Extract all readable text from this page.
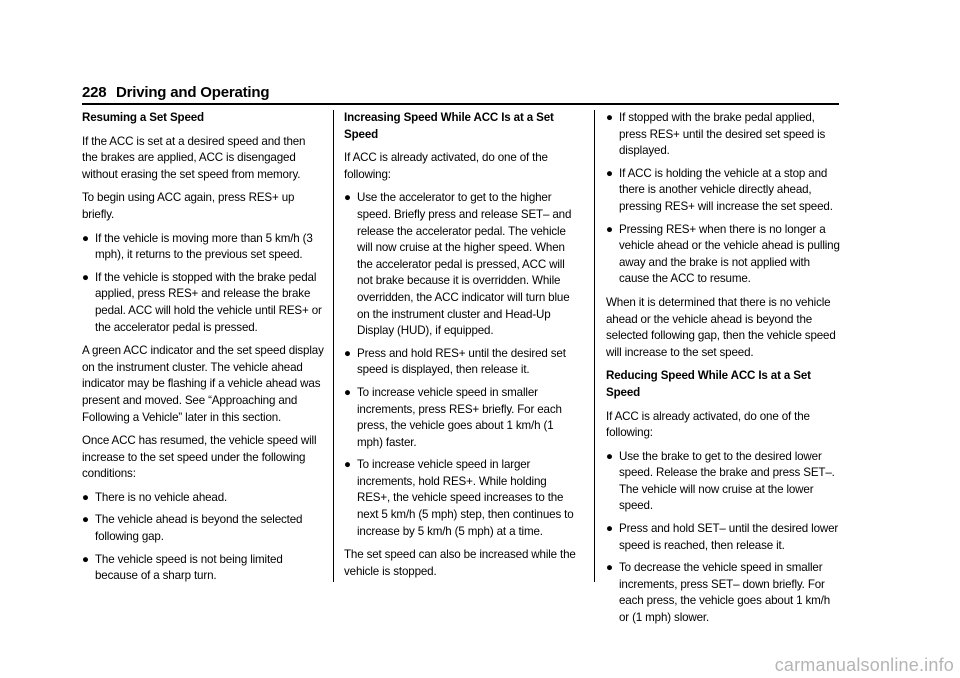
228 Driving and Operating
Resuming a Set Speed

If the ACC is set at a desired speed and then the brakes are applied, ACC is disengaged without erasing the set speed from memory.

To begin using ACC again, press RES+ up briefly.

● If the vehicle is moving more than 5 km/h (3 mph), it returns to the previous set speed.
● If the vehicle is stopped with the brake pedal applied, press RES+ and release the brake pedal. ACC will hold the vehicle until RES+ or the accelerator pedal is pressed.

A green ACC indicator and the set speed display on the instrument cluster. The vehicle ahead indicator may be flashing if a vehicle ahead was present and moved. See “Approaching and Following a Vehicle” later in this section.

Once ACC has resumed, the vehicle speed will increase to the set speed under the following conditions:

● There is no vehicle ahead.
● The vehicle ahead is beyond the selected following gap.
● The vehicle speed is not being limited because of a sharp turn.
Increasing Speed While ACC Is at a Set Speed

If ACC is already activated, do one of the following:

● Use the accelerator to get to the higher speed. Briefly press and release SET– and release the accelerator pedal. The vehicle will now cruise at the higher speed. When the accelerator pedal is pressed, ACC will not brake because it is overridden. While overridden, the ACC indicator will turn blue on the instrument cluster and Head-Up Display (HUD), if equipped.
● Press and hold RES+ until the desired set speed is displayed, then release it.
● To increase vehicle speed in smaller increments, press RES+ briefly. For each press, the vehicle goes about 1 km/h (1 mph) faster.
● To increase vehicle speed in larger increments, hold RES+. While holding RES+, the vehicle speed increases to the next 5 km/h (5 mph) step, then continues to increase by 5 km/h (5 mph) at a time.

The set speed can also be increased while the vehicle is stopped.

● If stopped with the brake pedal applied, press RES+ until the desired set speed is displayed.
● If ACC is holding the vehicle at a stop and there is another vehicle directly ahead, pressing RES+ will increase the set speed.
● Pressing RES+ when there is no longer a vehicle ahead or the vehicle ahead is pulling away and the brake is not applied with cause the ACC to resume.

When it is determined that there is no vehicle ahead or the vehicle ahead is beyond the selected following gap, then the vehicle speed will increase to the set speed.

Reducing Speed While ACC Is at a Set Speed

If ACC is already activated, do one of the following:

● Use the brake to get to the desired lower speed. Release the brake and press SET–. The vehicle will now cruise at the lower speed.
● Press and hold SET– until the desired lower speed is reached, then release it.
● To decrease the vehicle speed in smaller increments, press SET– down briefly. For each press, the vehicle goes about 1 km/h or (1 mph) slower.
carmanualsonline.info
